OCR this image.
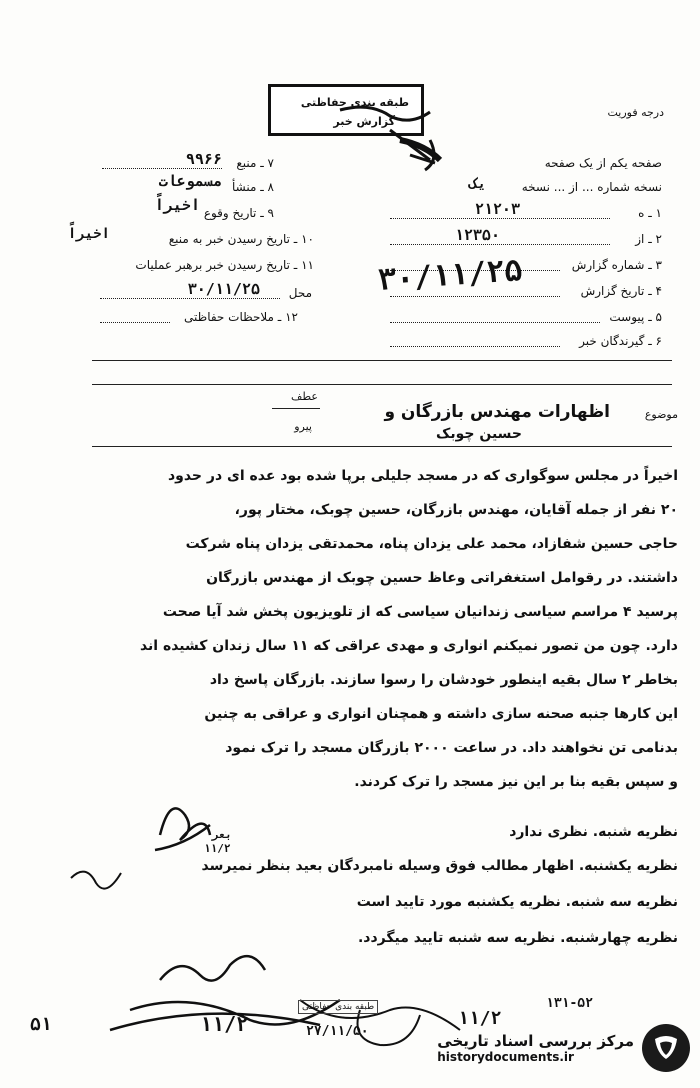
درجه فوریت
طبقه بندی حفاظتی
گزارش خبر
صفحه یکم از یک صفحه
نسخه شماره ... از ... نسخه
یک
۱ ـ ه
۲۱۲۰۳
۲ ـ از
۱۲۳۵۰
۳ ـ شماره گزارش
۴ ـ تاریخ گزارش
۵ ـ پیوست
۶ ـ گیرندگان خبر
۷ ـ منبع
۹۹۶۶
۸ ـ منشأ
مسموعات
۹ ـ تاریخ وقوع
اخیراً
۱۰ ـ تاریخ رسیدن خبر به منبع
اخیراً
۱۱ ـ تاریخ رسیدن خبر برهبر عملیات
محل
۳۰/۱۱/۲۵
۱۲ ـ ملاحظات حفاظتی
۳۰/۱۱/۲۵
عطف
پیرو
موضوع
اظهارات مهندس بازرگان و
حسین چوبک
اخیراً در مجلس سوگواری که در مسجد جلیلی برپا شده بود عده ای در حدود
۲۰ نفر از جمله آقایان، مهندس بازرگان، حسین چوبک، مختار پور،
حاجی حسین شفازاد، محمد علی یزدان پناه، محمدتقی یزدان پناه شرکت
داشتند. در رقوامل استغفراتی وعاظ حسین چوبک از مهندس بازرگان
پرسید ۴ مراسم سیاسی زندانیان سیاسی که از تلویزیون پخش شد آیا صحت
دارد. چون من تصور نمیکنم انواری و مهدی عراقی که ۱۱ سال زندان کشیده اند
بخاطر ۲ سال بقیه اینطور خودشان را رسوا سازند. بازرگان پاسخ داد
این کارها جنبه صحنه سازی داشته و همچنان انواری و عراقی به چنین
بدنامی تن نخواهند داد. در ساعت ۲۰۰۰ بازرگان مسجد را ترک نمود
و سپس بقیه بنا بر این نیز مسجد را ترک کردند.
بعر
۱۱/۲
نظریه شنبه. نظری ندارد
نظریه یکشنبه. اظهار مطالب فوق وسیله نامبردگان بعید بنظر نمیرسد
نظریه سه شنبه. نظریه یکشنبه مورد تایید است
نظریه چهارشنبه. نظریه سه شنبه تایید میگردد.
۱۱/۲
۵۱
طبقه بندی حفاظتی
۲۷/۱۱/۵۰
۱۱/۲
۱۳۱-۵۲
مرکز بررسی اسناد تاریخی
historydocuments.ir
